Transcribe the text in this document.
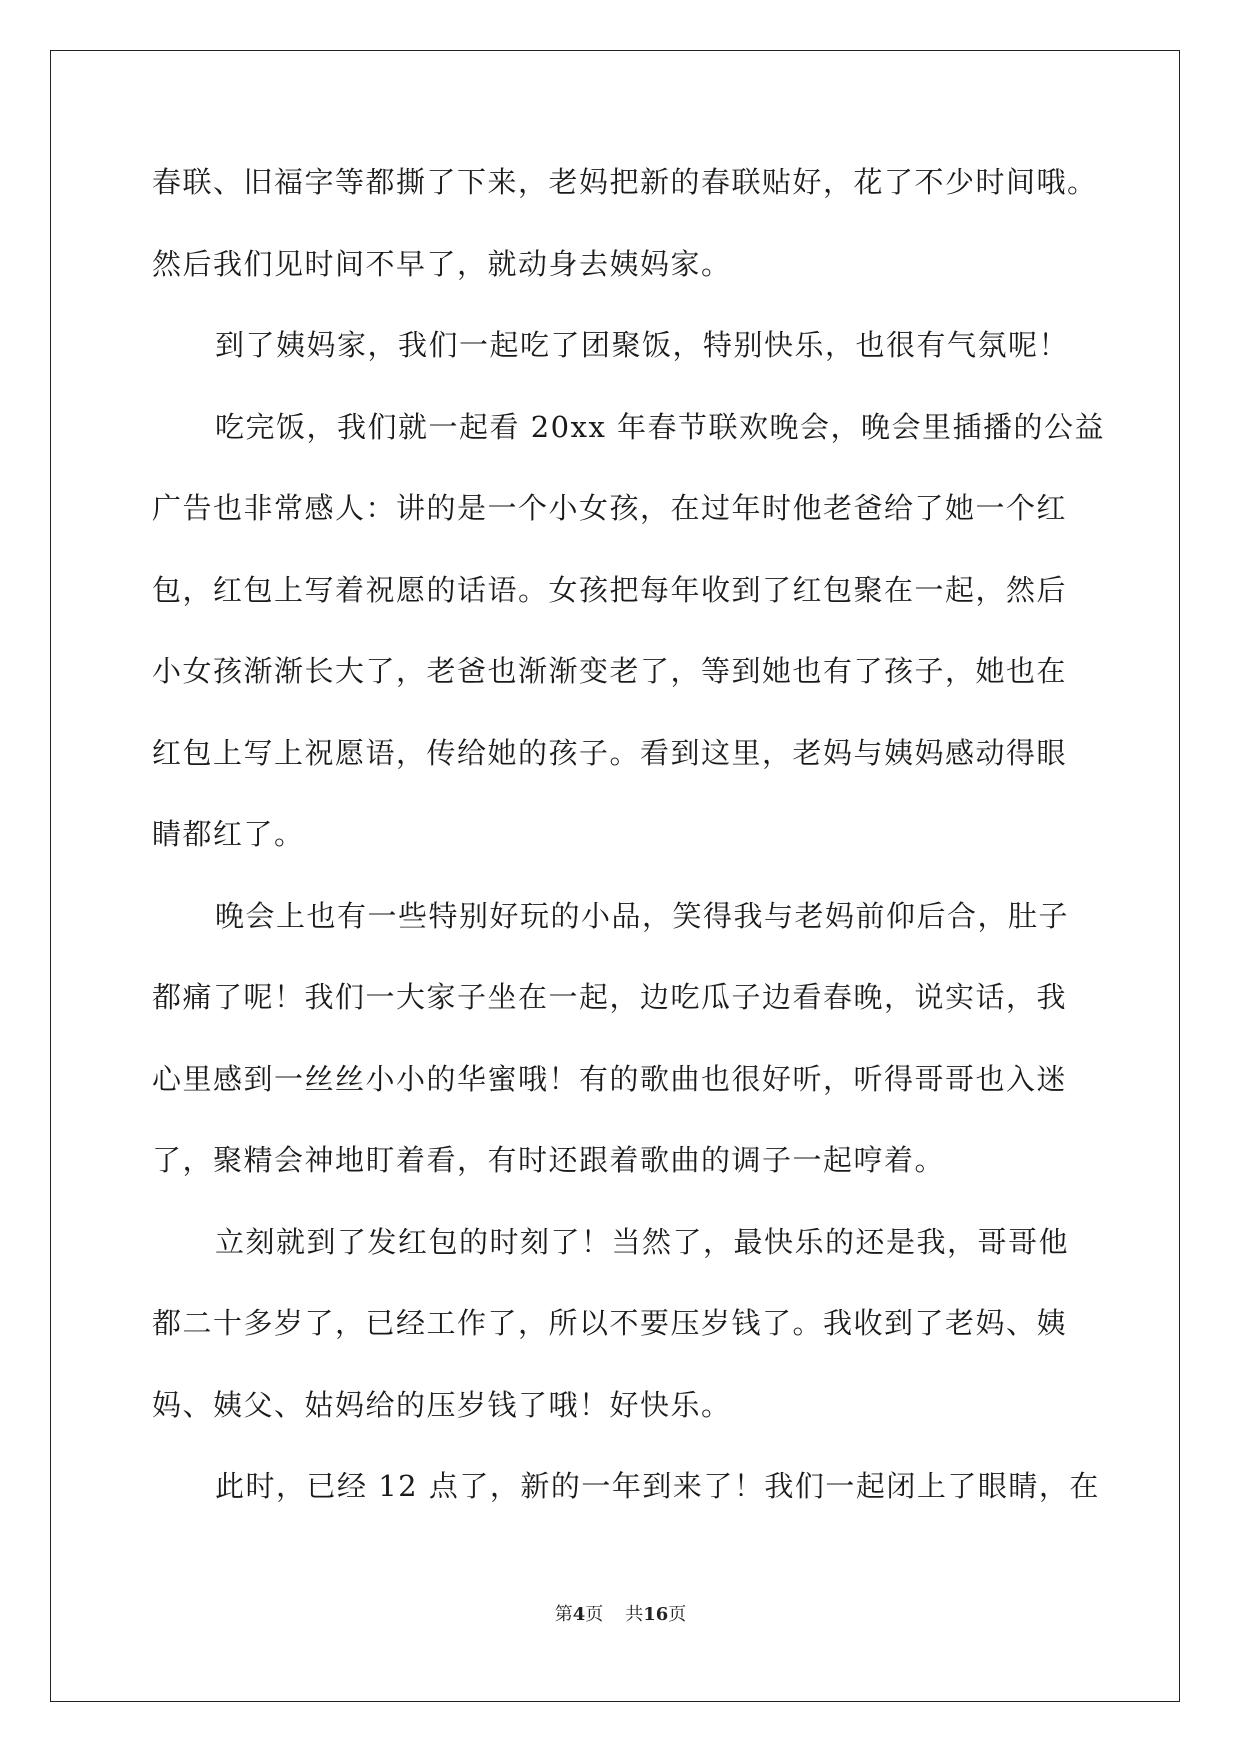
春联、旧福字等都撕了下来，老妈把新的春联贴好，花了不少时间哦。
然后我们见时间不早了，就动身去姨妈家。
到了姨妈家，我们一起吃了团聚饭，特别快乐，也很有气氛呢！
吃完饭，我们就一起看 20xx 年春节联欢晚会，晚会里插播的公益
广告也非常感人：讲的是一个小女孩，在过年时他老爸给了她一个红
包，红包上写着祝愿的话语。女孩把每年收到了红包聚在一起，然后
小女孩渐渐长大了，老爸也渐渐变老了，等到她也有了孩子，她也在
红包上写上祝愿语，传给她的孩子。看到这里，老妈与姨妈感动得眼
睛都红了。
晚会上也有一些特别好玩的小品，笑得我与老妈前仰后合，肚子
都痛了呢！我们一大家子坐在一起，边吃瓜子边看春晚，说实话，我
心里感到一丝丝小小的华蜜哦！有的歌曲也很好听，听得哥哥也入迷
了，聚精会神地盯着看，有时还跟着歌曲的调子一起哼着。
立刻就到了发红包的时刻了！当然了，最快乐的还是我，哥哥他
都二十多岁了，已经工作了，所以不要压岁钱了。我收到了老妈、姨
妈、姨父、姑妈给的压岁钱了哦！好快乐。
此时，已经 12 点了，新的一年到来了！我们一起闭上了眼睛，在
第4页 共16页
